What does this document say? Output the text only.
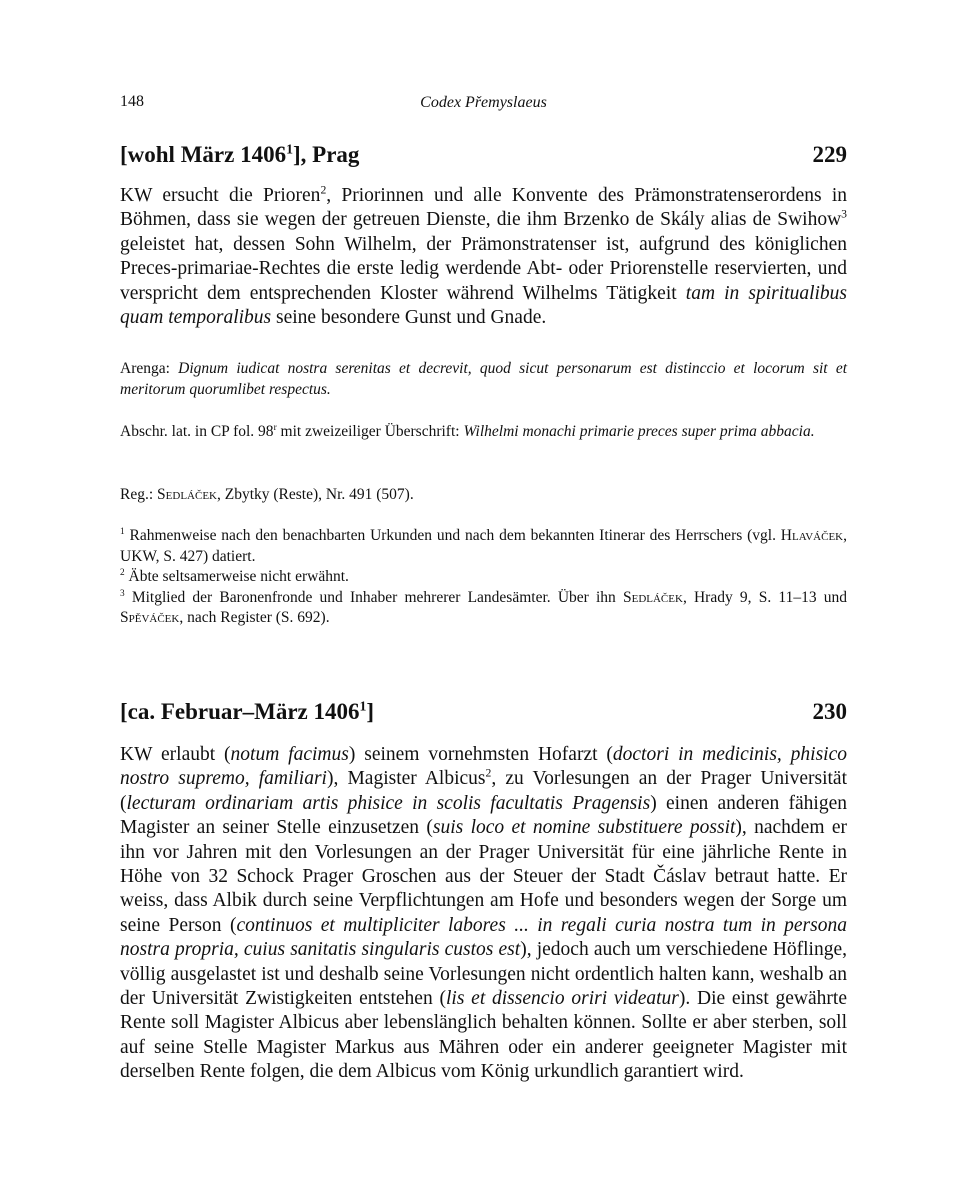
148	Codex Přemyslaeus
[wohl März 1406$^1$], Prag	229

KW ersucht die Prioren$^2$, Priorinnen und alle Konvente des Prämonstratenserordens in Böhmen, dass sie wegen der getreuen Dienste, die ihm Brzenko de Skály alias de Swihow$^3$ geleistet hat, dessen Sohn Wilhelm, der Prämonstratenser ist, aufgrund des königlichen Preces-primariae-Rechtes die erste ledig werdende Abt- oder Priorenstelle reservierten, und verspricht dem entsprechenden Kloster während Wilhelms Tätigkeit tam in spiritualibus quam temporalibus seine besondere Gunst und Gnade.

Arenga: Dignum iudicat nostra serenitas et decrevit, quod sicut personarum est distinccio et locorum sit et meritorum quorumlibet respectus.

Abschr. lat. in CP fol. 98$^r$ mit zweizeiliger Überschrift: Wilhelmi monachi primarie preces super prima abbacia.

Reg.: Sedláček, Zbytky (Reste), Nr. 491 (507).

$^1$ Rahmenweise nach den benachbarten Urkunden und nach dem bekannten Itinerar des Herrschers (vgl. Hlaváček, UKW, S. 427) datiert.

$^2$ Äbte seltsamerweise nicht erwähnt.

$^3$ Mitglied der Baronenfronde und Inhaber mehrerer Landesämter. Über ihn Sedláček, Hrady 9, S. 11–13 und Spěváček, nach Register (S. 692).

[ca. Februar–März 1406$^1$]	230

KW erlaubt (notum facimus) seinem vornehmsten Hofarzt (doctori in medicinis, phisico nostro supremo, familiari), Magister Albicus$^2$, zu Vorlesungen an der Prager Universität (lecturam ordinariam artis phisice in scolis facultatis Pragensis) einen anderen fähigen Magister an seiner Stelle einzusetzen (suis loco et nomine substituere possit), nachdem er ihn vor Jahren mit den Vorlesungen an der Prager Universität für eine jährliche Rente in Höhe von 32 Schock Prager Groschen aus der Steuer der Stadt Čáslav betraut hatte. Er weiss, dass Albik durch seine Verpflichtungen am Hofe und besonders wegen der Sorge um seine Person (continuos et multipliciter labores ... in regali curia nostra tum in persona nostra propria, cuius sanitatis singularis custos est), jedoch auch um verschiedene Höflinge, völlig ausgelastet ist und deshalb seine Vorlesungen nicht ordentlich halten kann, weshalb an der Universität Zwistigkeiten entstehen (lis et dissencio oriri videatur). Die einst gewährte Rente soll Magister Albicus aber lebenslänglich behalten können. Sollte er aber sterben, soll auf seine Stelle Magister Markus aus Mähren oder ein anderer geeigneter Magister mit derselben Rente folgen, die dem Albicus vom König urkundlich garantiert wird.
